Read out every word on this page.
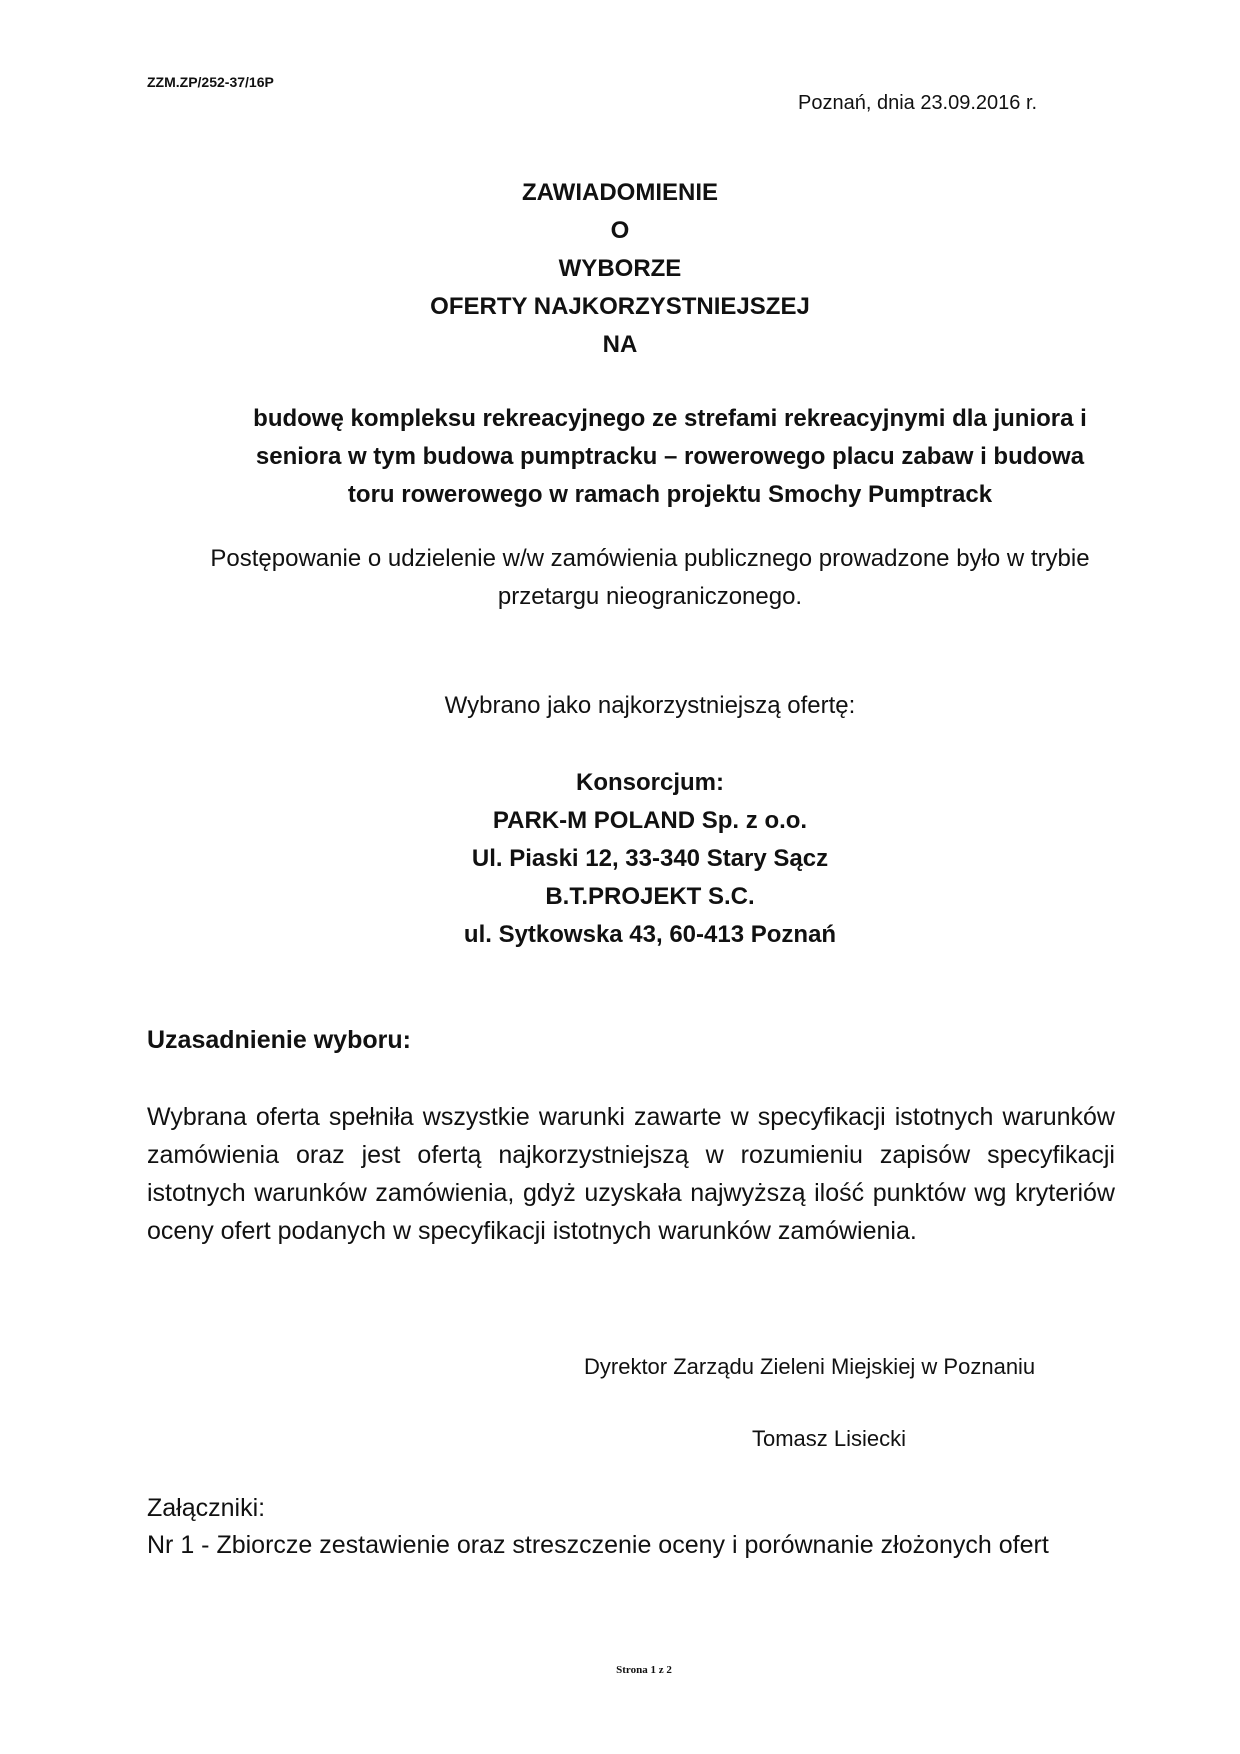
ZZM.ZP/252-37/16P
Poznań, dnia 23.09.2016 r.
ZAWIADOMIENIE
O
WYBORZE
OFERTY NAJKORZYSTNIEJSZEJ
NA
budowę kompleksu rekreacyjnego ze strefami rekreacyjnymi dla juniora i
seniora w tym budowa pumptracku – rowerowego placu zabaw i budowa
toru rowerowego w ramach projektu Smochy Pumptrack
Postępowanie o udzielenie w/w zamówienia publicznego prowadzone było w trybie
przetargu nieograniczonego.
Wybrano jako najkorzystniejszą ofertę:
Konsorcjum:
PARK-M POLAND Sp. z o.o.
Ul. Piaski 12, 33-340 Stary Sącz
B.T.PROJEKT S.C.
ul. Sytkowska 43, 60-413 Poznań
Uzasadnienie wyboru:
Wybrana oferta spełniła wszystkie warunki zawarte w specyfikacji istotnych warunków zamówienia oraz jest ofertą najkorzystniejszą w rozumieniu zapisów specyfikacji istotnych warunków zamówienia, gdyż uzyskała najwyższą ilość punktów wg kryteriów oceny ofert podanych w specyfikacji istotnych warunków zamówienia.
Dyrektor Zarządu Zieleni Miejskiej w Poznaniu
Tomasz Lisiecki
Załączniki:
Nr 1 - Zbiorcze zestawienie oraz streszczenie oceny i porównanie złożonych ofert
Strona 1 z 2
